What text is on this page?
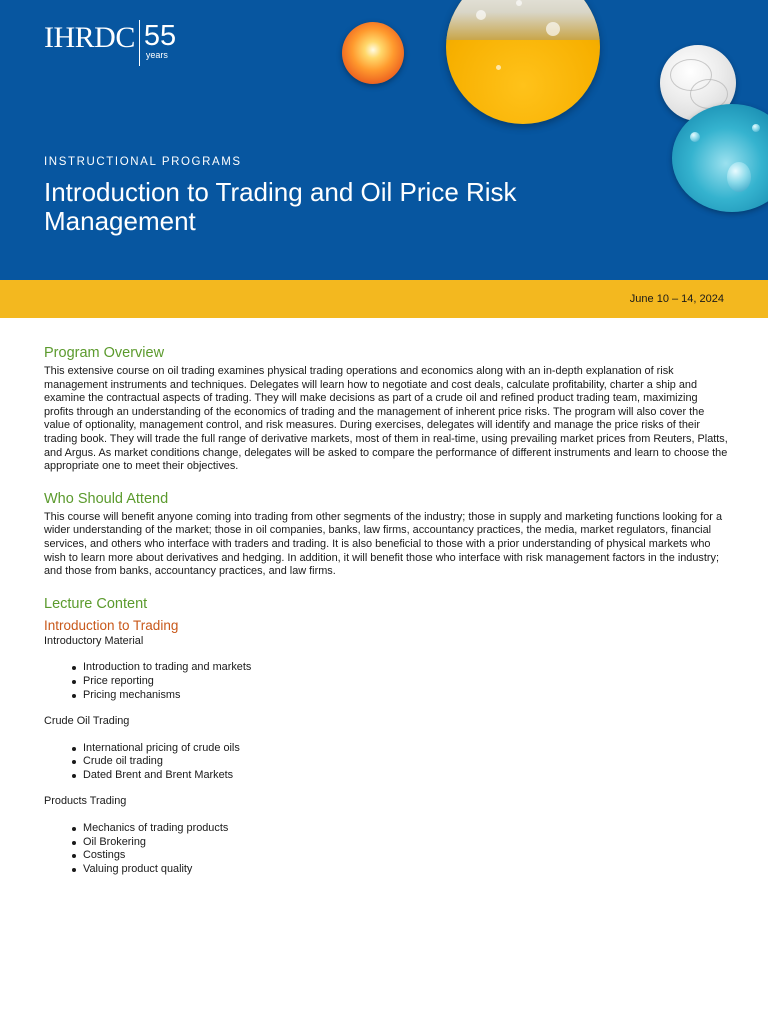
IHRDC 55
years
INSTRUCTIONAL PROGRAMS
Introduction to Trading and Oil Price Risk Management
June 10 – 14, 2024
Program Overview

This extensive course on oil trading examines physical trading operations and economics along with an in-depth explanation of risk management instruments and techniques. Delegates will learn how to negotiate and cost deals, calculate profitability, charter a ship and examine the contractual aspects of trading. They will make decisions as part of a crude oil and refined product trading team, maximizing profits through an understanding of the economics of trading and the management of inherent price risks. The program will also cover the value of optionality, management control, and risk measures. During exercises, delegates will identify and manage the price risks of their trading book. They will trade the full range of derivative markets, most of them in real-time, using prevailing market prices from Reuters, Platts, and Argus. As market conditions change, delegates will be asked to compare the performance of different instruments and learn to choose the appropriate one to meet their objectives.

Who Should Attend

This course will benefit anyone coming into trading from other segments of the industry; those in supply and marketing functions looking for a wider understanding of the market; those in oil companies, banks, law firms, accountancy practices, the media, market regulators, financial services, and others who interface with traders and trading. It is also beneficial to those with a prior understanding of physical markets who wish to learn more about derivatives and hedging. In addition, it will benefit those who interface with risk management factors in the industry; and those from banks, accountancy practices, and law firms.

Lecture Content
Introduction to Trading
Introductory Material
Introduction to trading and markets
Price reporting
Pricing mechanisms
Crude Oil Trading
International pricing of crude oils
Crude oil trading
Dated Brent and Brent Markets
Products Trading
Mechanics of trading products
Oil Brokering
Costings
Valuing product quality
